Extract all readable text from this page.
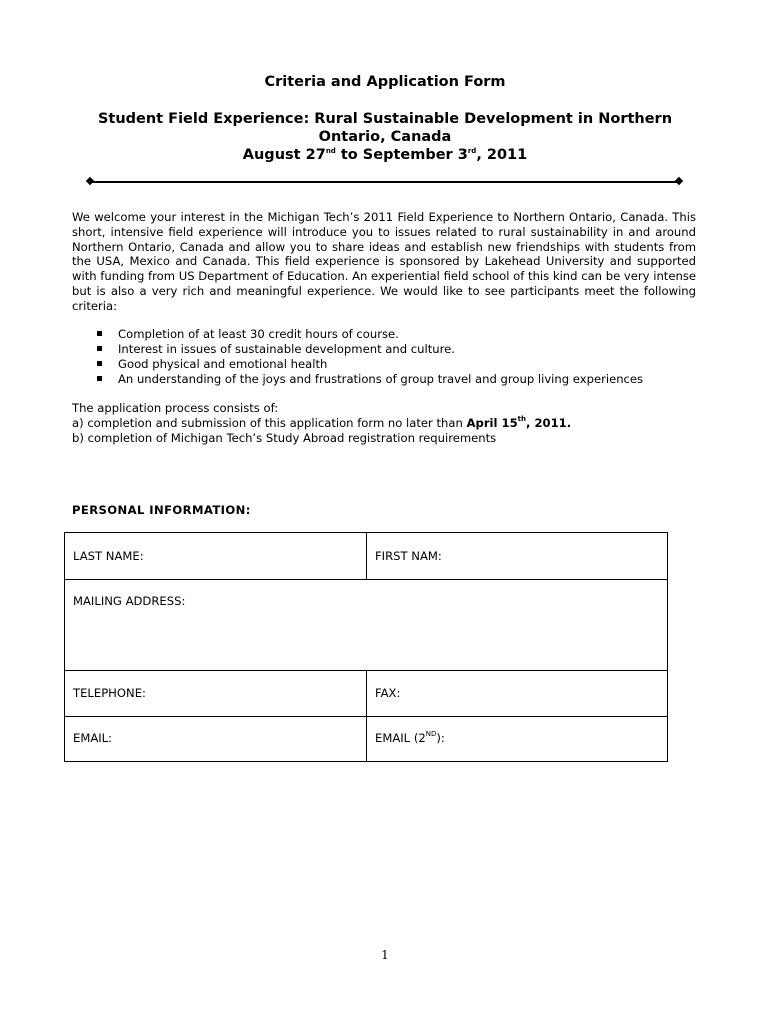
Criteria and Application Form
Student Field Experience: Rural Sustainable Development in Northern
Ontario, Canada
August 27nd to September 3rd, 2011

We welcome your interest in the Michigan Tech’s 2011 Field Experience to Northern Ontario, Canada. This short, intensive field experience will introduce you to issues related to rural sustainability in and around Northern Ontario, Canada and allow you to share ideas and establish new friendships with students from the USA, Mexico and Canada. This field experience is sponsored by Lakehead University and supported with funding from US Department of Education. An experiential field school of this kind can be very intense but is also a very rich and meaningful experience. We would like to see participants meet the following criteria:

Completion of at least 30 credit hours of course.
Interest in issues of sustainable development and culture.
Good physical and emotional health
An understanding of the joys and frustrations of group travel and group living experiences
The application process consists of:
a) completion and submission of this application form no later than April 15th, 2011.
b) completion of Michigan Tech’s Study Abroad registration requirements
PERSONAL INFORMATION:
LAST NAME:	FIRST NAM:
MAILING ADDRESS:	
TELEPHONE:	FAX:
EMAIL:	EMAIL (2ND):
1
